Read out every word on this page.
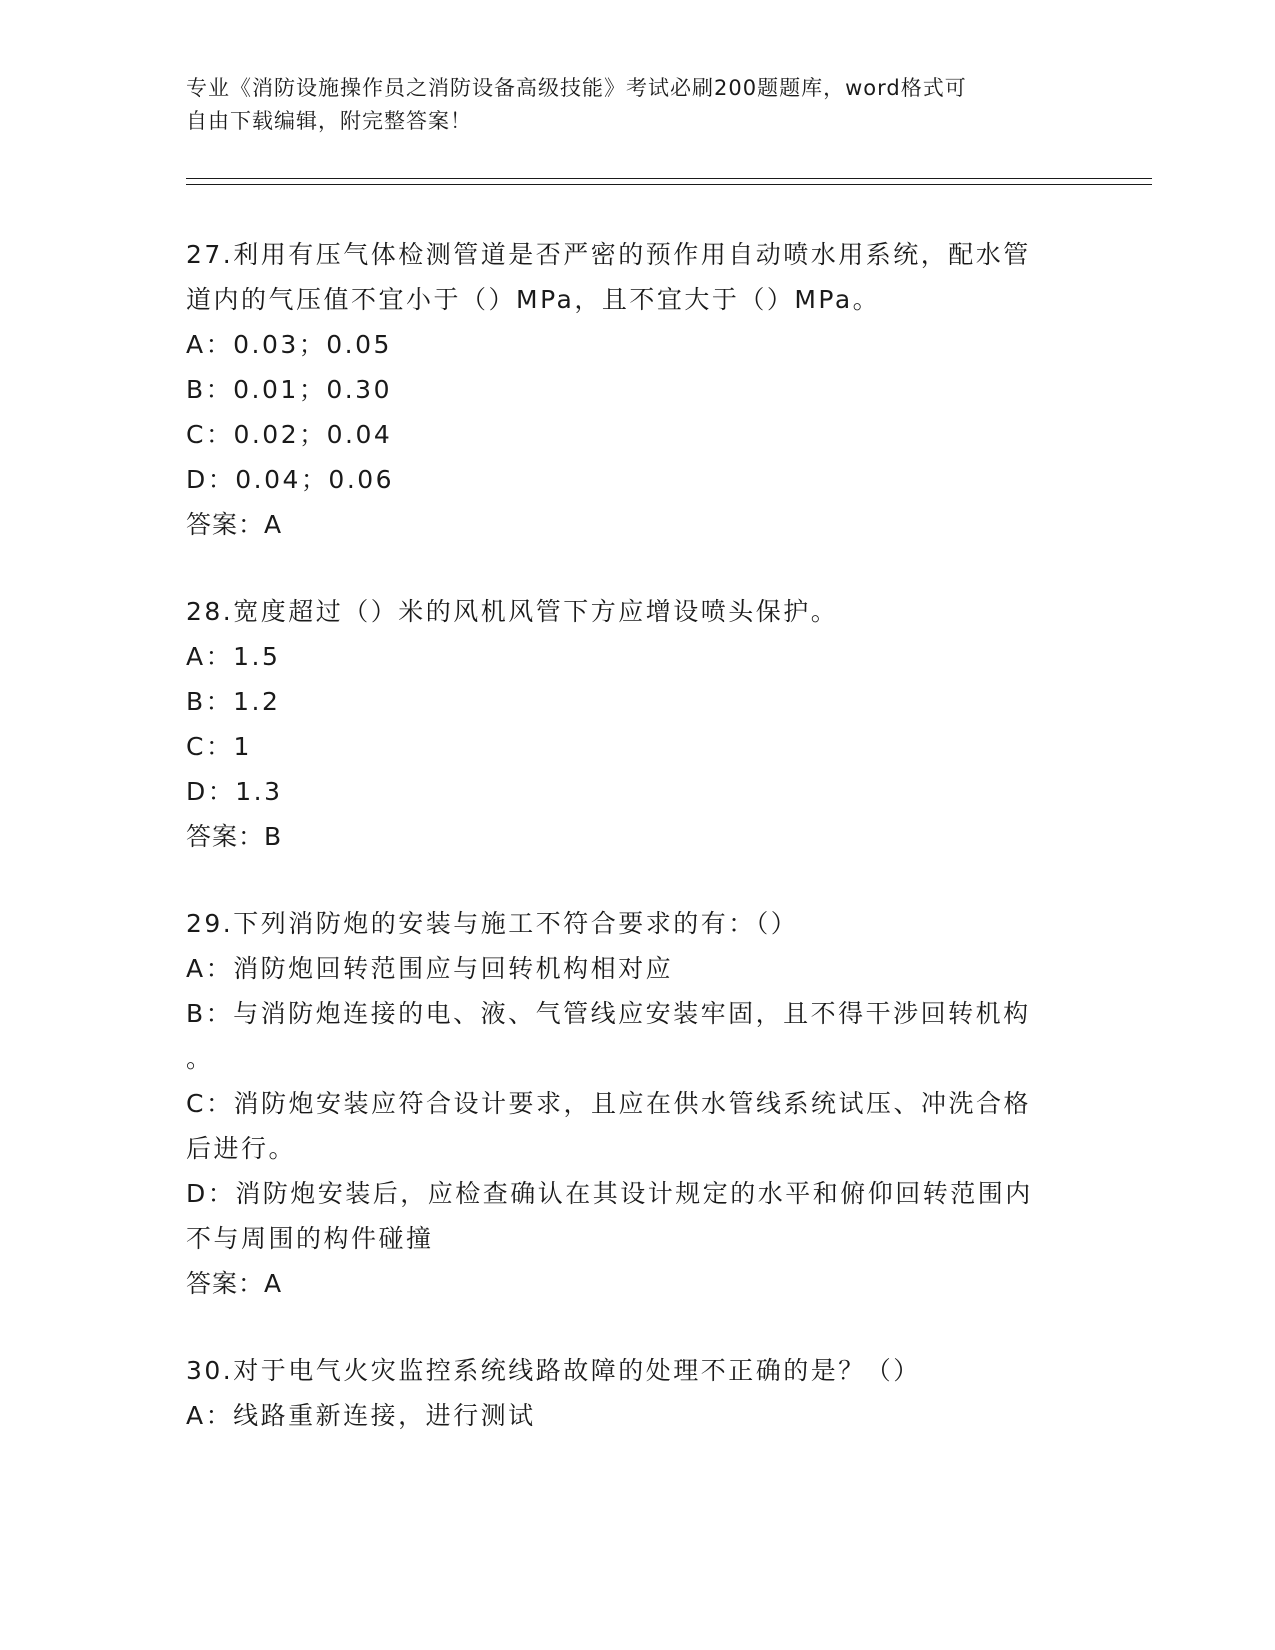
专业《消防设施操作员之消防设备高级技能》考试必刷200题题库，word格式可
自由下载编辑，附完整答案！

27.利用有压气体检测管道是否严密的预作用自动喷水用系统，配水管

道内的气压值不宜小于（）MPa，且不宜大于（）MPa。

A：0.03；0.05

B：0.01；0.30

C：0.02；0.04

D：0.04；0.06

答案：A

28.宽度超过（）米的风机风管下方应增设喷头保护。

A：1.5

B：1.2

C：1

D：1.3

答案：B

29.下列消防炮的安装与施工不符合要求的有：（）

A：消防炮回转范围应与回转机构相对应

B：与消防炮连接的电、液、气管线应安装牢固，且不得干涉回转机构

。

C：消防炮安装应符合设计要求，且应在供水管线系统试压、冲洗合格

后进行。

D：消防炮安装后，应检查确认在其设计规定的水平和俯仰回转范围内

不与周围的构件碰撞

答案：A

30.对于电气火灾监控系统线路故障的处理不正确的是？（）

A：线路重新连接，进行测试
